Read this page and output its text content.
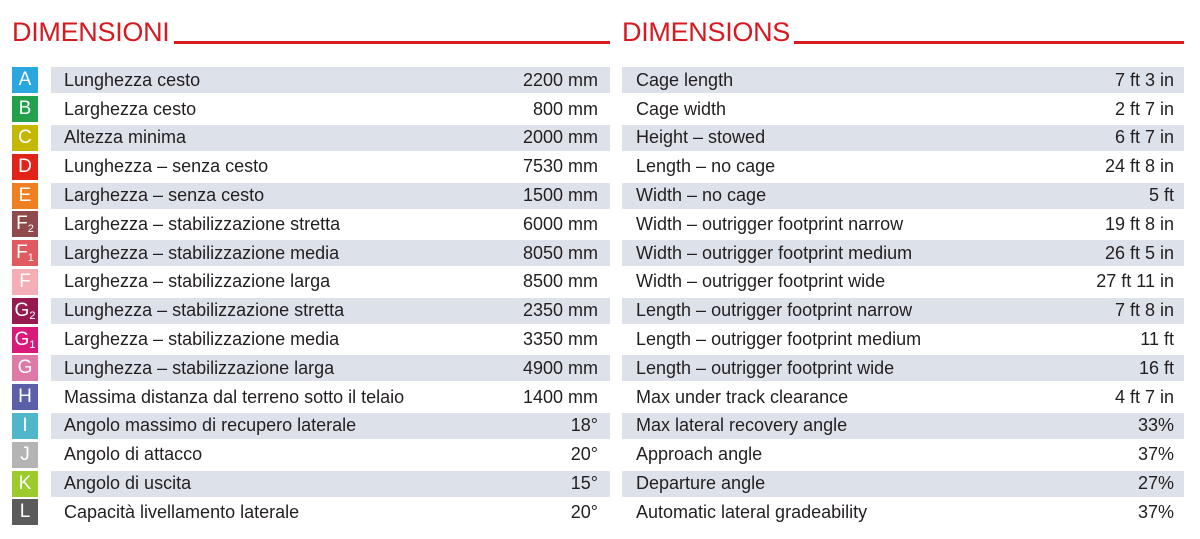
DIMENSIONI
A	Lunghezza cesto	2200 mm
B	Larghezza cesto	800 mm
C	Altezza minima	2000 mm
D	Lunghezza – senza cesto	7530 mm
E	Larghezza – senza cesto	1500 mm
$F_2$ Larghezza – stabilizzazione stretta	6000 mm
$F_1$ Larghezza – stabilizzazione media	8050 mm
F	Larghezza – stabilizzazione larga	8500 mm
$G_2$ Lunghezza – stabilizzazione stretta	2350 mm
$G_1$ Larghezza – stabilizzazione media	3350 mm
G	Lunghezza – stabilizzazione larga	4900 mm
H	Massima distanza dal terreno sotto il telaio	1400 mm
I	Angolo massimo di recupero laterale	18°
J	Angolo di attacco	20°
K	Angolo di uscita	15°
L	Capacità livellamento laterale	20°
DIMENSIONS
Cage length	7 ft 3 in
Cage width	2 ft 7 in
Height – stowed	6 ft 7 in
Length – no cage	24 ft 8 in
Width – no cage	5 ft
Width – outrigger footprint narrow	19 ft 8 in
Width – outrigger footprint medium	26 ft 5 in
Width – outrigger footprint wide	27 ft 11 in
Length – outrigger footprint narrow	7 ft 8 in
Length – outrigger footprint medium	11 ft
Length – outrigger footprint wide	16 ft
Max under track clearance	4 ft 7 in
Max lateral recovery angle	33%
Approach angle	37%
Departure angle	27%
Automatic lateral gradeability	37%
